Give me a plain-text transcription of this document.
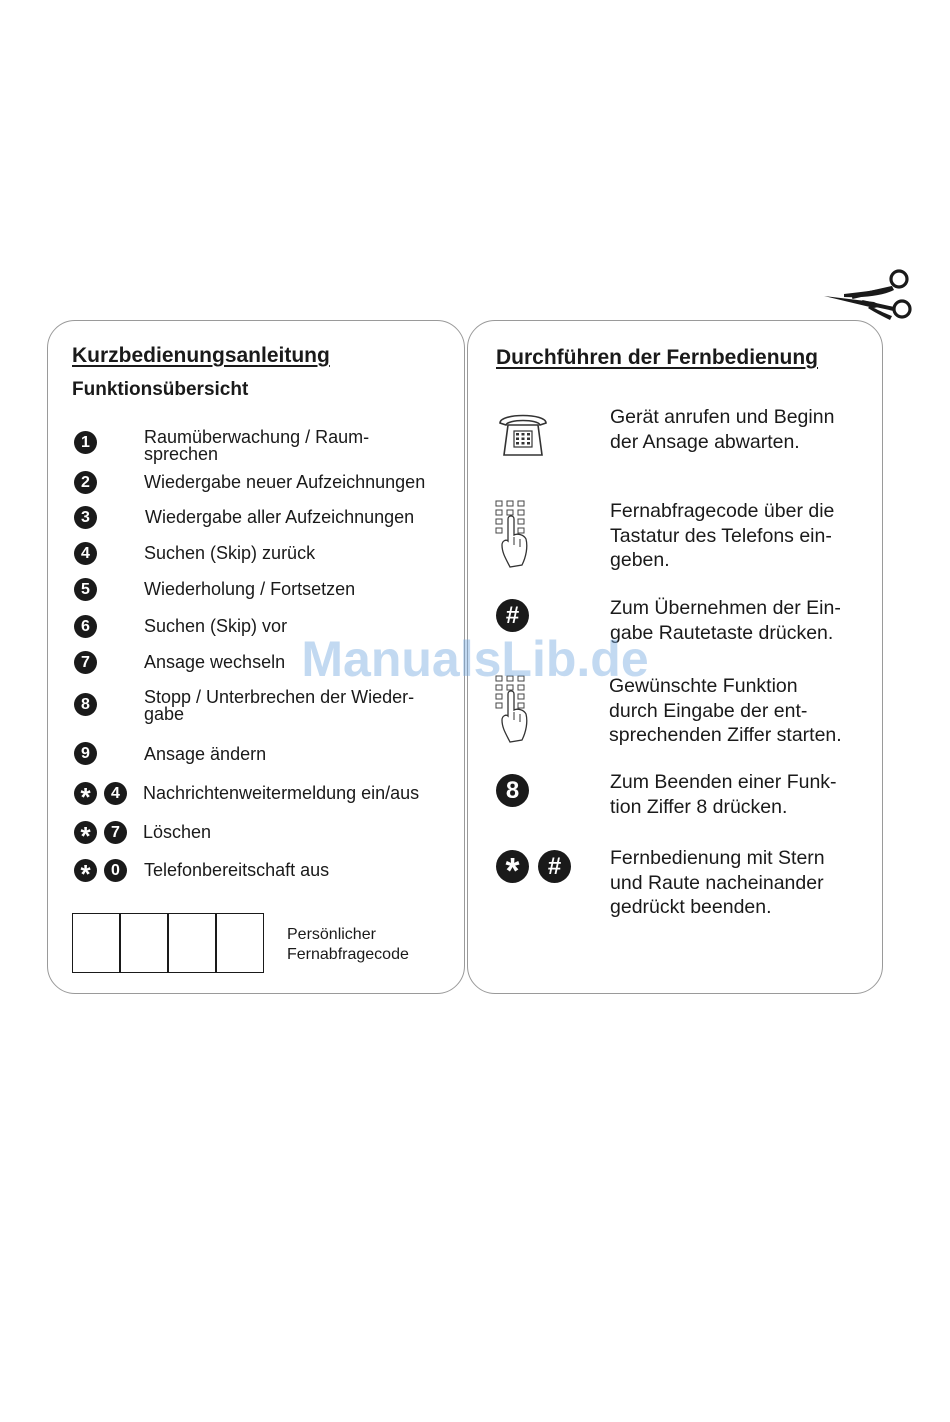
Kurzbedienungsanleitung
Funktionsübersicht
1	Raumüberwachung / Raum-
sprechen
2	Wiedergabe neuer Aufzeichnungen
3	Wiedergabe aller Aufzeichnungen
4	Suchen (Skip) zurück
5	Wiederholung / Fortsetzen
6	Suchen (Skip) vor
7	Ansage wechseln
8	Stopp / Unterbrechen der Wieder-
gabe
9	Ansage ändern
*	4	Nachrichtenweitermeldung ein/aus
*	7	Löschen
*	0	Telefonbereitschaft aus
Persönlicher
Fernabfragecode
Durchführen der Fernbedienung
Gerät anrufen und Beginn
der Ansage abwarten.
Fernabfragecode über die
Tastatur des Telefons ein-
geben.
#	Zum Übernehmen der Ein-
gabe Rautetaste drücken.
Gewünschte Funktion
durch Eingabe der ent-
sprechenden Ziffer starten.
8	Zum Beenden einer Funk-
tion Ziffer 8 drücken.
*	#	Fernbedienung mit Stern
und Raute nacheinander
gedrückt beenden.
ManualsLib.de
